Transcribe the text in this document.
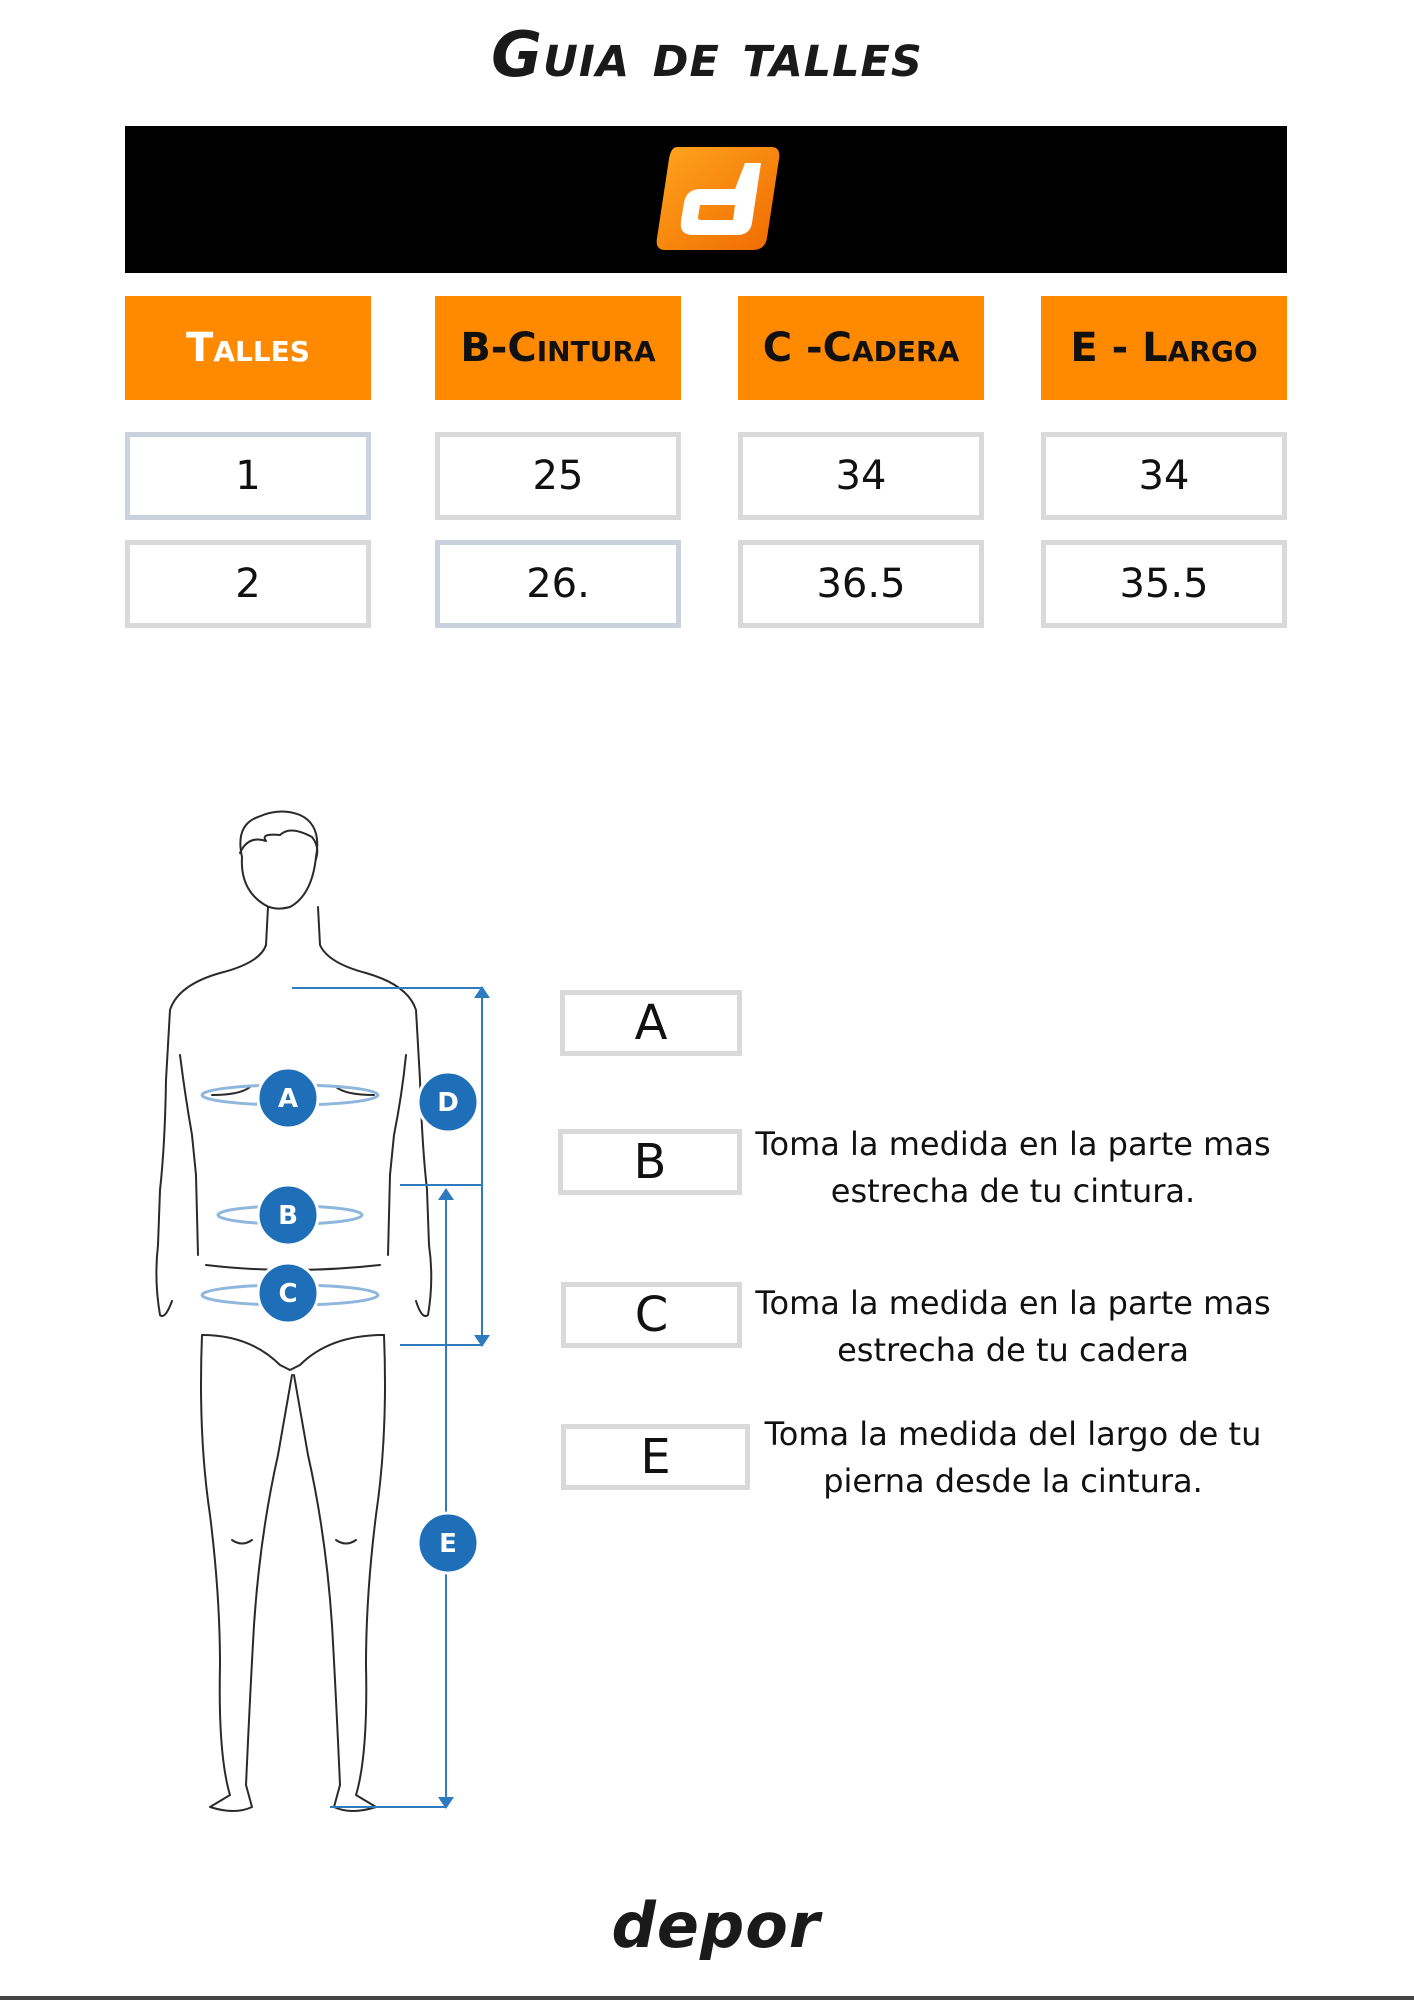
Guia de talles
Talles	B-Cintura	C -Cadera	E - Largo
1	25	34	34
2	26.	36.5	35.5
A	D
B
C
E
A
B	Toma la medida en la parte mas estrecha de tu cintura.
C	Toma la medida en la parte mas estrecha de tu cadera
E	Toma la medida del largo de tu pierna desde la cintura.
depor
